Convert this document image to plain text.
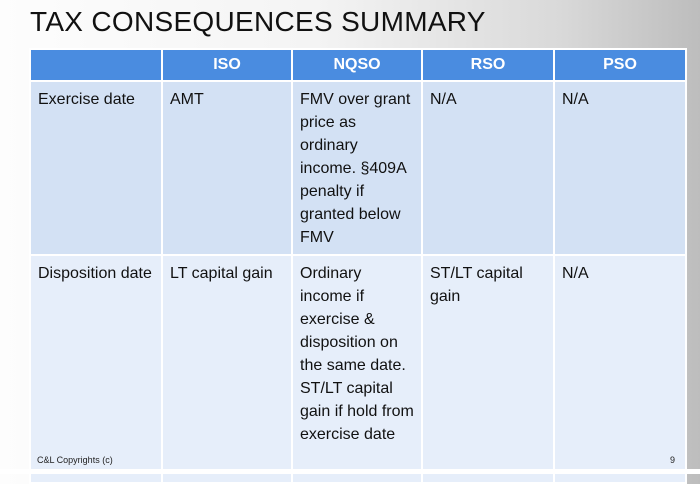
TAX CONSEQUENCES SUMMARY
	ISO	NQSO	RSO	PSO
Exercise date	AMT	FMV over grant price as ordinary income. §409A penalty if granted below FMV	N/A	N/A
Disposition date	LT capital gain	Ordinary income if exercise & disposition on the same date. ST/LT capital gain if hold from exercise date	ST/LT capital gain	N/A
C&L Copyrights (c)	9
